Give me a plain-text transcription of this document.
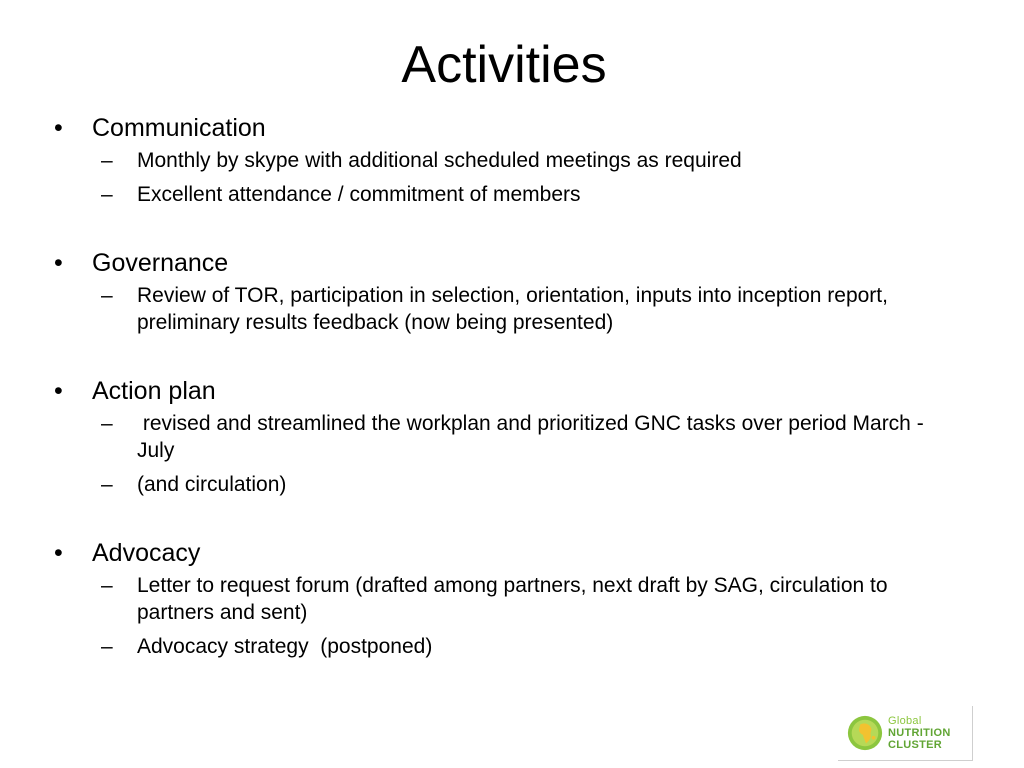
Activities
•	Communication
–	Monthly by skype with additional scheduled meetings as required
–	Excellent attendance / commitment of members
•	Governance
–	Review of TOR, participation in selection, orientation, inputs into inception report, preliminary results feedback (now being presented)
•	Action plan
–	revised and streamlined the workplan and prioritized GNC tasks over period March -  July
–	(and circulation)
•	Advocacy
–	Letter to request forum (drafted among partners, next draft by SAG, circulation to partners and sent)
–	Advocacy strategy  (postponed)
Global
NUTRITION
CLUSTER
